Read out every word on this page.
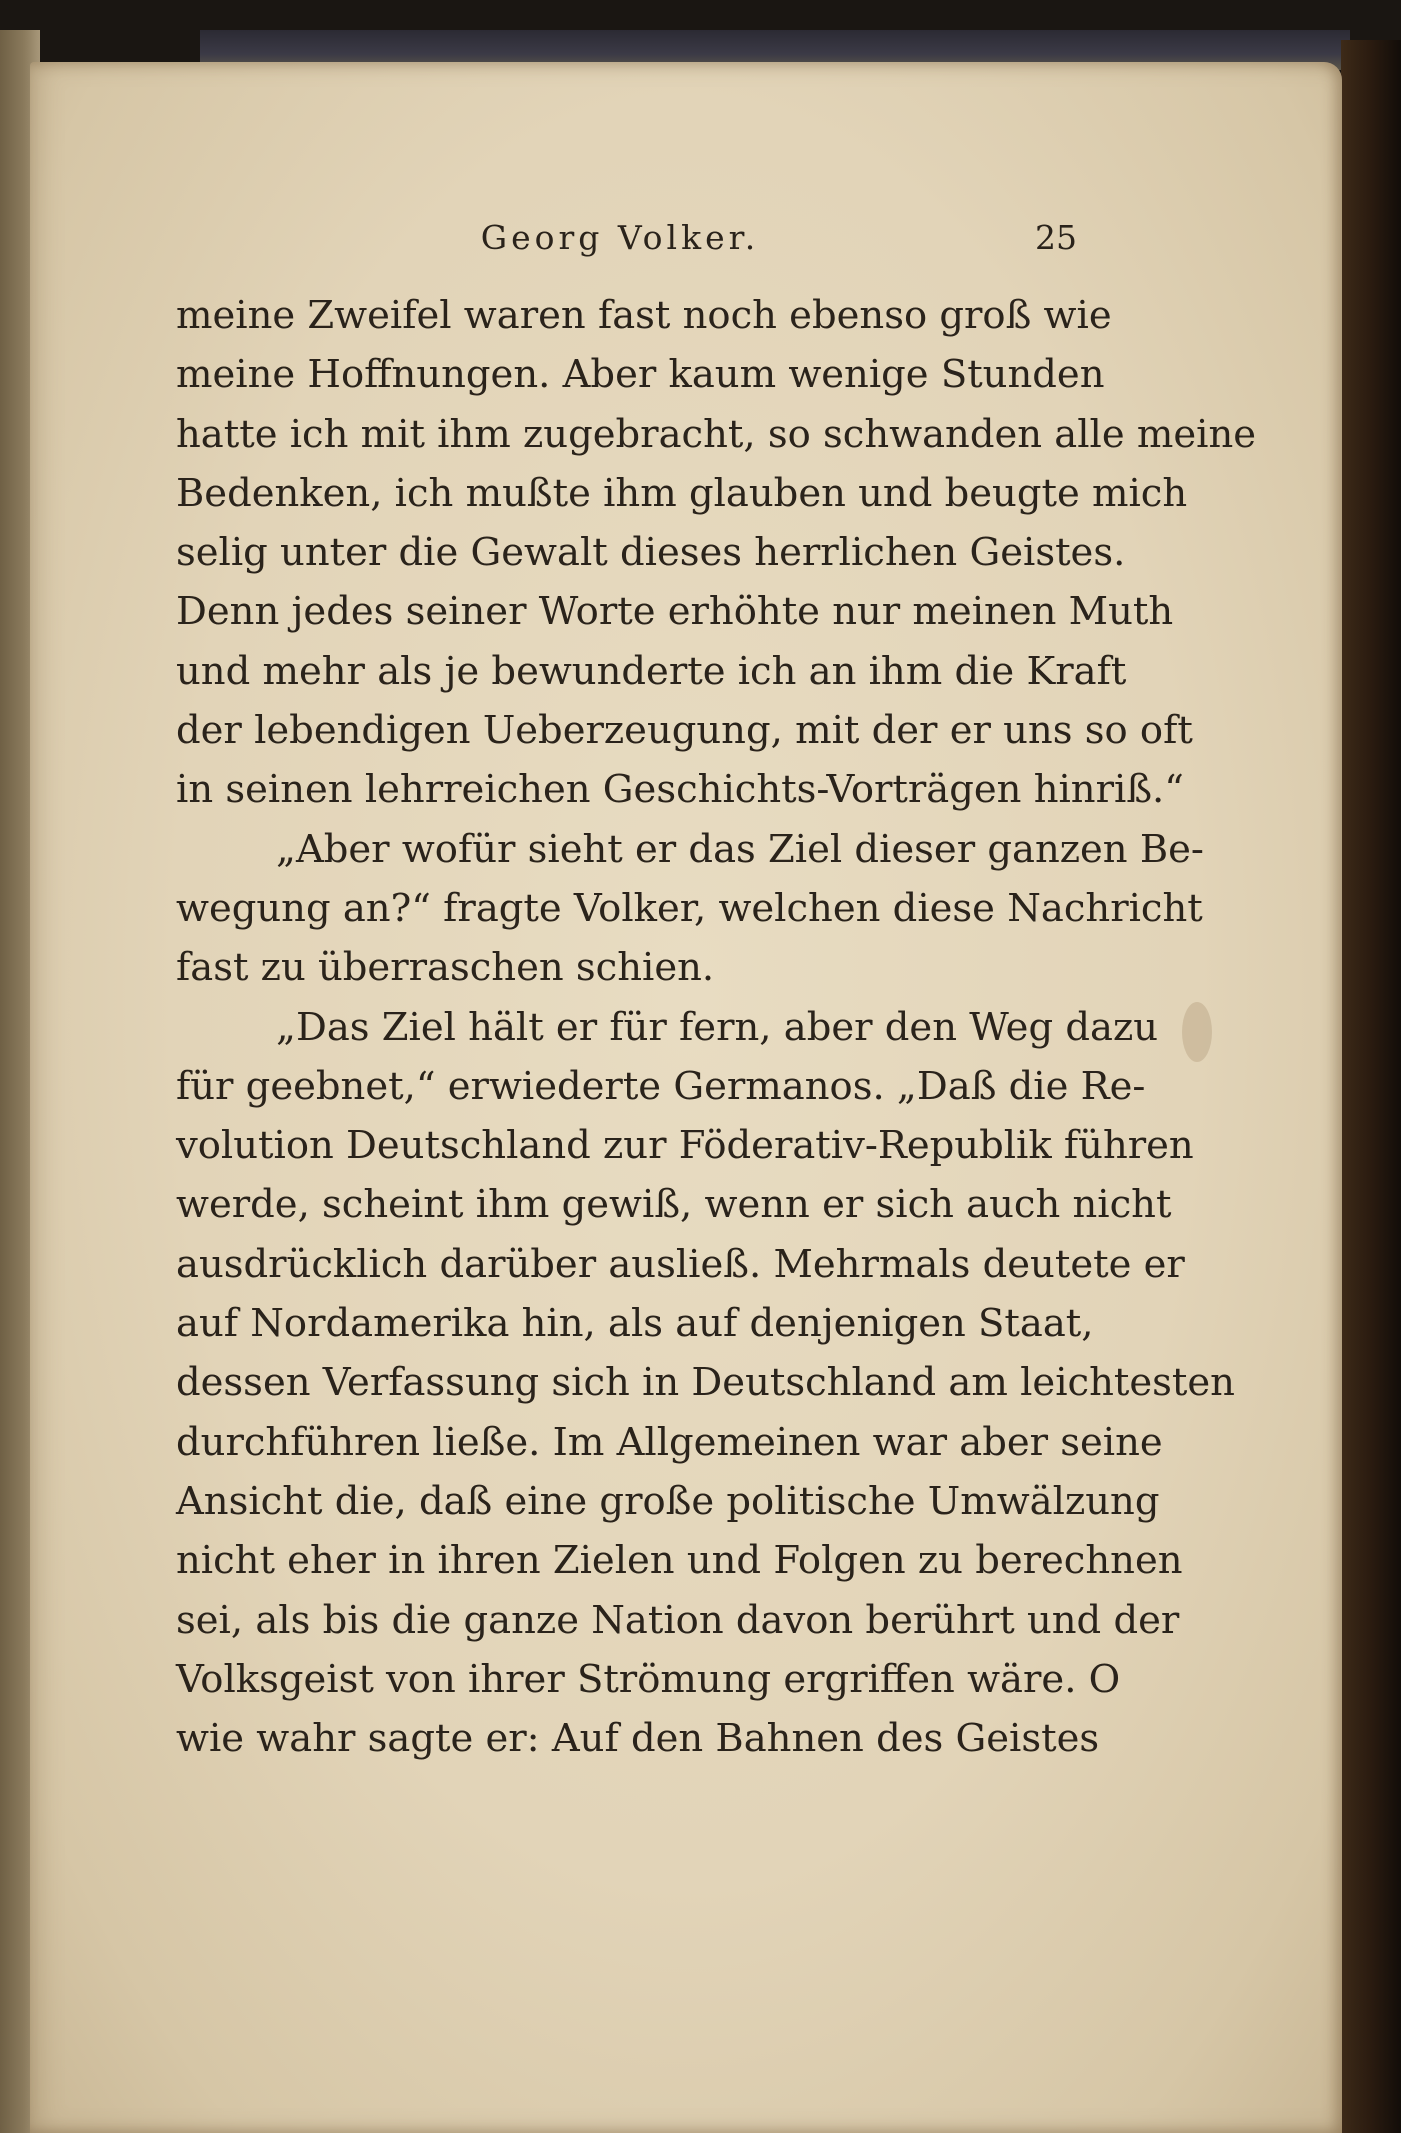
Georg Volker.	25
meine Zweifel waren fast noch ebenso groß wie
meine Hoffnungen. Aber kaum wenige Stunden
hatte ich mit ihm zugebracht, so schwanden alle meine
Bedenken, ich mußte ihm glauben und beugte mich
selig unter die Gewalt dieses herrlichen Geistes.
Denn jedes seiner Worte erhöhte nur meinen Muth
und mehr als je bewunderte ich an ihm die Kraft
der lebendigen Ueberzeugung, mit der er uns so oft
in seinen lehrreichen Geschichts-Vorträgen hinriß.“
„Aber wofür sieht er das Ziel dieser ganzen Be-
wegung an?“ fragte Volker, welchen diese Nachricht
fast zu überraschen schien.
„Das Ziel hält er für fern, aber den Weg dazu
für geebnet,“ erwiederte Germanos. „Daß die Re-
volution Deutschland zur Föderativ-Republik führen
werde, scheint ihm gewiß, wenn er sich auch nicht
ausdrücklich darüber ausließ. Mehrmals deutete er
auf Nordamerika hin, als auf denjenigen Staat,
dessen Verfassung sich in Deutschland am leichtesten
durchführen ließe. Im Allgemeinen war aber seine
Ansicht die, daß eine große politische Umwälzung
nicht eher in ihren Zielen und Folgen zu berechnen
sei, als bis die ganze Nation davon berührt und der
Volksgeist von ihrer Strömung ergriffen wäre. O
wie wahr sagte er: Auf den Bahnen des Geistes
